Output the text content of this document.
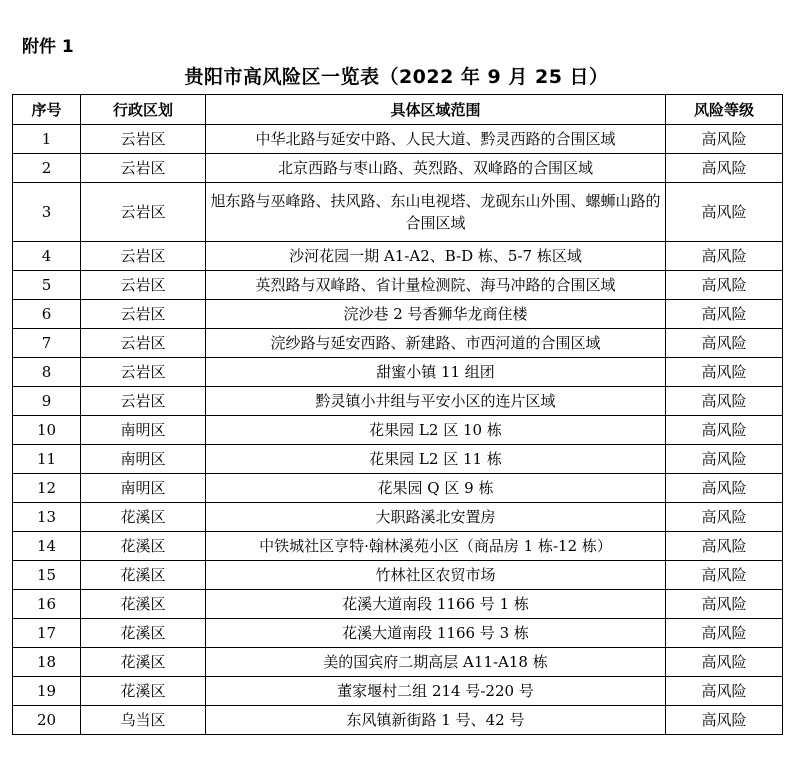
附件 1
贵阳市高风险区一览表（2022 年 9 月 25 日）
序号	行政区划	具体区域范围	风险等级
1	云岩区	中华北路与延安中路、人民大道、黔灵西路的合围区域	高风险
2	云岩区	北京西路与枣山路、英烈路、双峰路的合围区域	高风险
3	云岩区	旭东路与巫峰路、扶风路、东山电视塔、龙砚东山外围、螺蛳山路的合围区域	高风险
4	云岩区	沙河花园一期 A1-A2、B-D 栋、5-7 栋区域	高风险
5	云岩区	英烈路与双峰路、省计量检测院、海马冲路的合围区域	高风险
6	云岩区	浣沙巷 2 号香狮华龙商住楼	高风险
7	云岩区	浣纱路与延安西路、新建路、市西河道的合围区域	高风险
8	云岩区	甜蜜小镇 11 组团	高风险
9	云岩区	黔灵镇小井组与平安小区的连片区域	高风险
10	南明区	花果园 L2 区 10 栋	高风险
11	南明区	花果园 L2 区 11 栋	高风险
12	南明区	花果园 Q 区 9 栋	高风险
13	花溪区	大职路溪北安置房	高风险
14	花溪区	中铁城社区亨特·翰林溪苑小区（商品房 1 栋-12 栋）	高风险
15	花溪区	竹林社区农贸市场	高风险
16	花溪区	花溪大道南段 1166 号 1 栋	高风险
17	花溪区	花溪大道南段 1166 号 3 栋	高风险
18	花溪区	美的国宾府二期高层 A11-A18 栋	高风险
19	花溪区	董家堰村二组 214 号-220 号	高风险
20	乌当区	东风镇新街路 1 号、42 号	高风险
